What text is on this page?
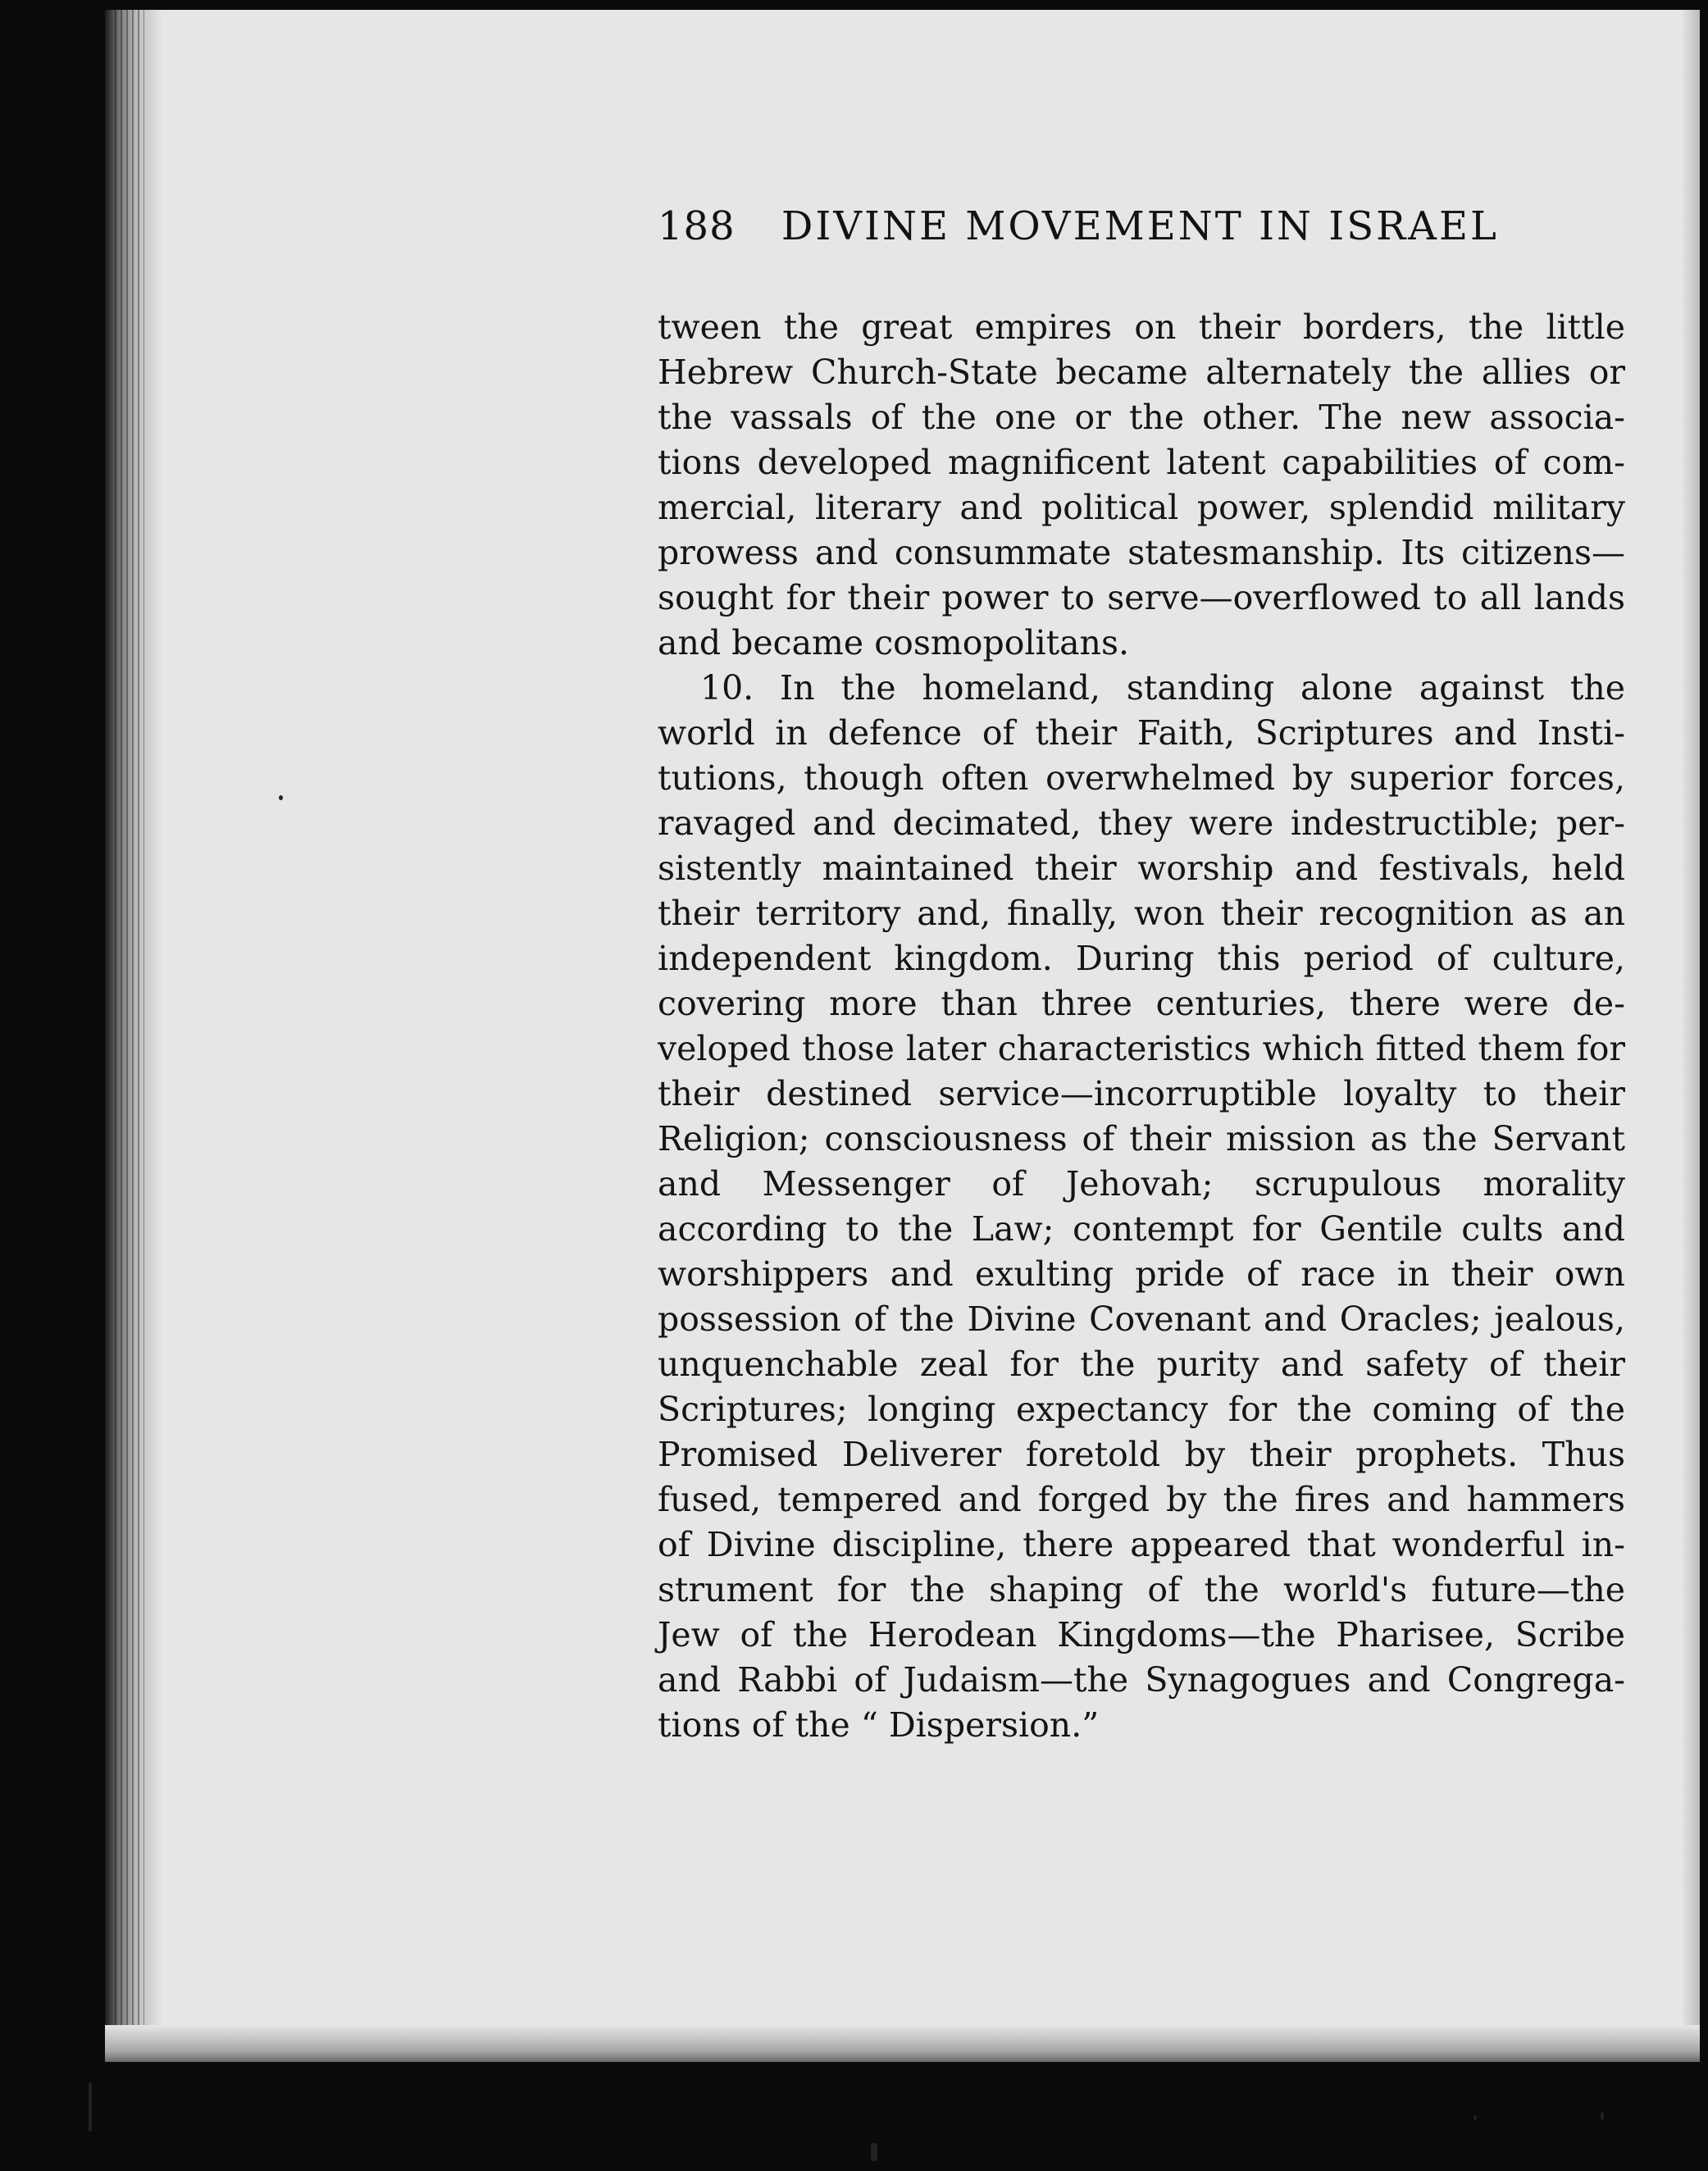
188 DIVINE MOVEMENT IN ISRAEL
tween the great empires on their borders, the little
Hebrew Church-State became alternately the allies or
the vassals of the one or the other. The new associa-
tions developed magnificent latent capabilities of com-
mercial, literary and political power, splendid military
prowess and consummate statesmanship. Its citizens—
sought for their power to serve—overflowed to all lands
and became cosmopolitans.
10. In the homeland, standing alone against the
world in defence of their Faith, Scriptures and Insti-
tutions, though often overwhelmed by superior forces,
ravaged and decimated, they were indestructible; per-
sistently maintained their worship and festivals, held
their territory and, finally, won their recognition as an
independent kingdom. During this period of culture,
covering more than three centuries, there were de-
veloped those later characteristics which fitted them for
their destined service—incorruptible loyalty to their
Religion; consciousness of their mission as the Servant
and Messenger of Jehovah; scrupulous morality
according to the Law; contempt for Gentile cults and
worshippers and exulting pride of race in their own
possession of the Divine Covenant and Oracles; jealous,
unquenchable zeal for the purity and safety of their
Scriptures; longing expectancy for the coming of the
Promised Deliverer foretold by their prophets. Thus
fused, tempered and forged by the fires and hammers
of Divine discipline, there appeared that wonderful in-
strument for the shaping of the world's future—the
Jew of the Herodean Kingdoms—the Pharisee, Scribe
and Rabbi of Judaism—the Synagogues and Congrega-
tions of the “ Dispersion.”
